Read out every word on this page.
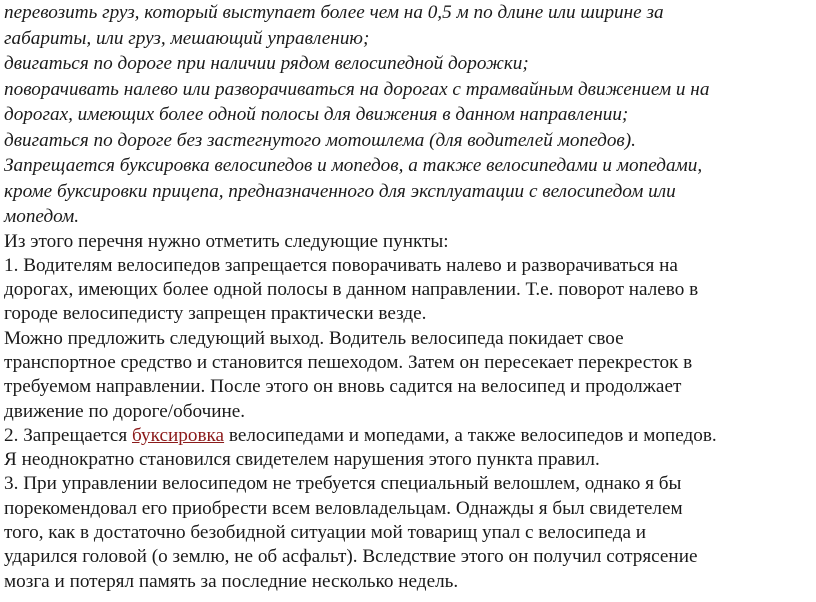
перевозить груз, который выступает более чем на 0,5 м по длине или ширине за
габариты, или груз, мешающий управлению;
двигаться по дороге при наличии рядом велосипедной дорожки;
поворачивать налево или разворачиваться на дорогах с трамвайным движением и на
дорогах, имеющих более одной полосы для движения в данном направлении;
двигаться по дороге без застегнутого мотошлема (для водителей мопедов).
Запрещается буксировка велосипедов и мопедов, а также велосипедами и мопедами,
кроме буксировки прицепа, предназначенного для эксплуатации с велосипедом или
мопедом.
Из этого перечня нужно отметить следующие пункты:
1. Водителям велосипедов запрещается поворачивать налево и разворачиваться на
дорогах, имеющих более одной полосы в данном направлении. Т.е. поворот налево в
городе велосипедисту запрещен практически везде.
Можно предложить следующий выход. Водитель велосипеда покидает свое
транспортное средство и становится пешеходом. Затем он пересекает перекресток в
требуемом направлении. После этого он вновь садится на велосипед и продолжает
движение по дороге/обочине.
2. Запрещается буксировка велосипедами и мопедами, а также велосипедов и мопедов.
Я неоднократно становился свидетелем нарушения этого пункта правил.
3. При управлении велосипедом не требуется специальный велошлем, однако я бы
порекомендовал его приобрести всем веловладельцам. Однажды я был свидетелем
того, как в достаточно безобидной ситуации мой товарищ упал с велосипеда и
ударился головой (о землю, не об асфальт). Вследствие этого он получил сотрясение
мозга и потерял память за последние несколько недель.
